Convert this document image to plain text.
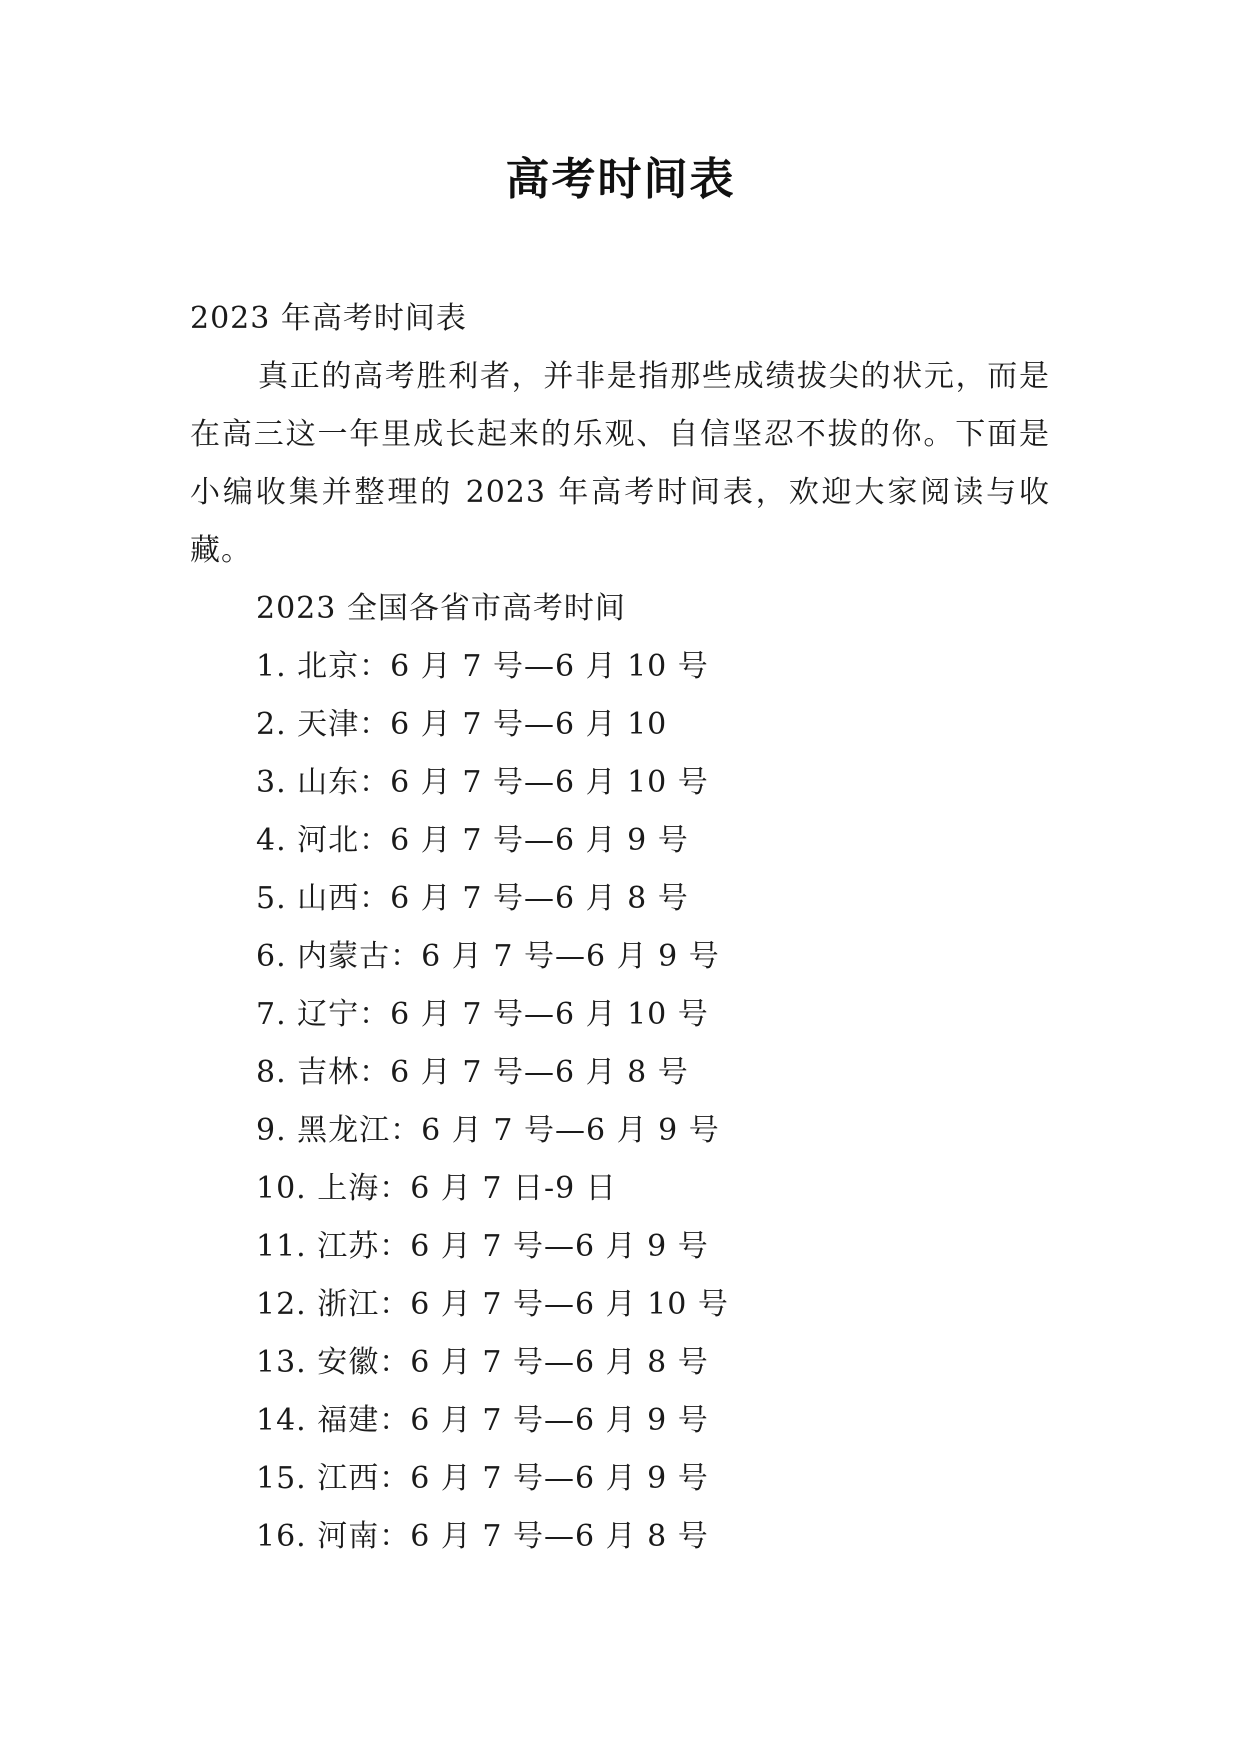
高考时间表

2023 年高考时间表

真正的高考胜利者，并非是指那些成绩拔尖的状元，而是在高三这一年里成长起来的乐观、自信坚忍不拔的你。下面是小编收集并整理的 2023 年高考时间表，欢迎大家阅读与收藏。

2023 全国各省市高考时间

1. 北京：6 月 7 号—6 月 10 号

2. 天津：6 月 7 号—6 月 10

3. 山东：6 月 7 号—6 月 10 号

4. 河北：6 月 7 号—6 月 9 号

5. 山西：6 月 7 号—6 月 8 号

6. 内蒙古：6 月 7 号—6 月 9 号

7. 辽宁：6 月 7 号—6 月 10 号

8. 吉林：6 月 7 号—6 月 8 号

9. 黑龙江：6 月 7 号—6 月 9 号

10. 上海：6 月 7 日-9 日

11. 江苏：6 月 7 号—6 月 9 号

12. 浙江：6 月 7 号—6 月 10 号

13. 安徽：6 月 7 号—6 月 8 号

14. 福建：6 月 7 号—6 月 9 号

15. 江西：6 月 7 号—6 月 9 号

16. 河南：6 月 7 号—6 月 8 号
